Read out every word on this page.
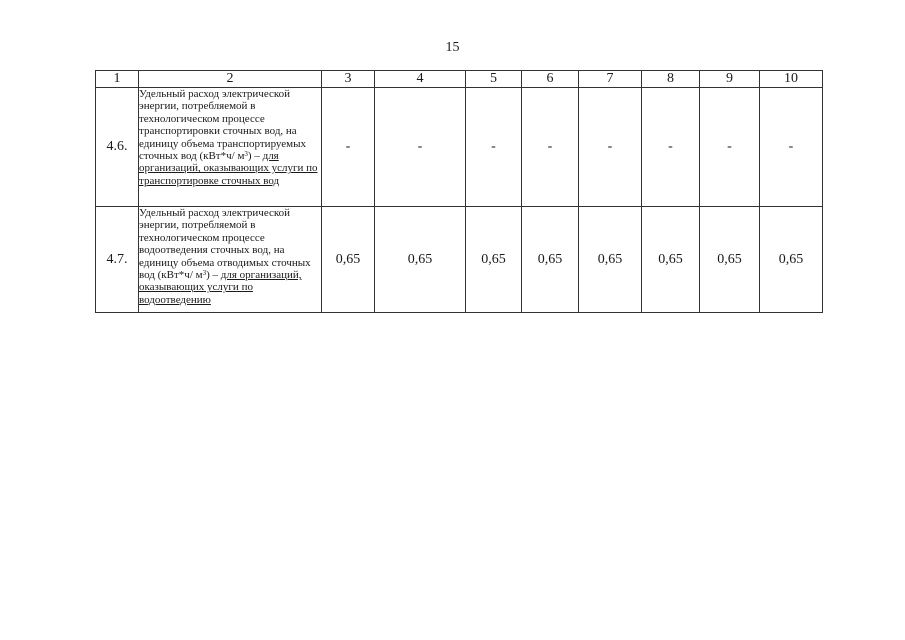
15
1	2	3	4	5	6	7	8	9	10
4.6.	Удельный расход электрической энергии, потребляемой в технологическом процессе транспортировки сточных вод, на единицу объема транспортируемых сточных вод (кВт*ч/ $м^3$) – для организаций, оказывающих услуги по транспортировке сточных вод	-	-	-	-	-	-	-	-
4.7.	Удельный расход электрической энергии, потребляемой в технологическом процессе водоотведения сточных вод, на единицу объема отводимых сточных вод (кВт*ч/ $м^3$) – для организаций, оказывающих услуги по водоотведению	0,65	0,65	0,65	0,65	0,65	0,65	0,65	0,65
